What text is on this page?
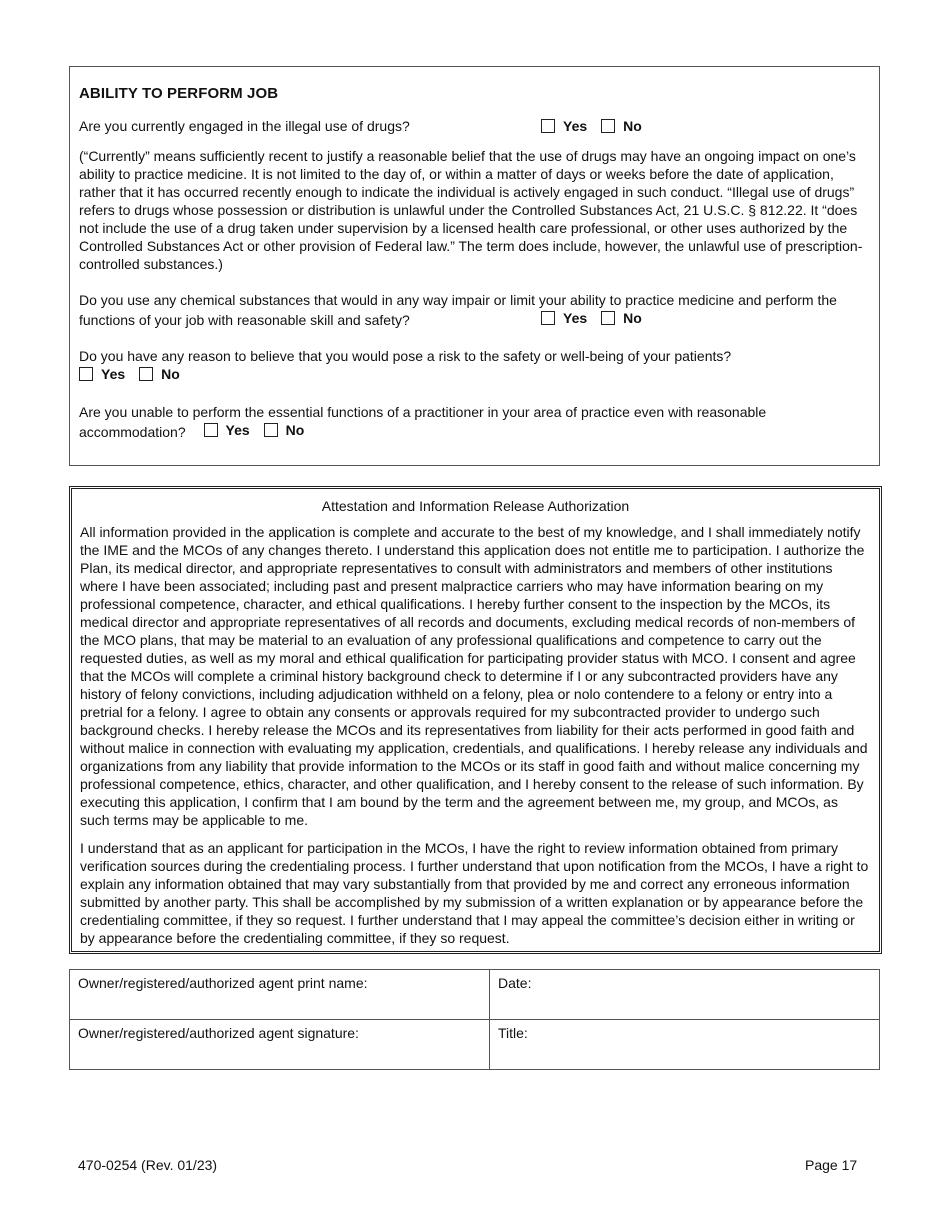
ABILITY TO PERFORM JOB
Are you currently engaged in the illegal use of drugs?	Yes	No

(“Currently” means sufficiently recent to justify a reasonable belief that the use of drugs may have an ongoing impact on one’s ability to practice medicine. It is not limited to the day of, or within a matter of days or weeks before the date of application, rather that it has occurred recently enough to indicate the individual is actively engaged in such conduct. “Illegal use of drugs” refers to drugs whose possession or distribution is unlawful under the Controlled Substances Act, 21 U.S.C. § 812.22. It “does not include the use of a drug taken under supervision by a licensed health care professional, or other uses authorized by the Controlled Substances Act or other provision of Federal law.” The term does include, however, the unlawful use of prescription-controlled substances.)

Do you use any chemical substances that would in any way impair or limit your ability to practice medicine and perform the
functions of your job with reasonable skill and safety?	Yes	No
Do you have any reason to believe that you would pose a risk to the safety or well-being of your patients?

Yes	No
Are you unable to perform the essential functions of a practitioner in your area of practice even with reasonable
accommodation?	Yes	No
Attestation and Information Release Authorization

All information provided in the application is complete and accurate to the best of my knowledge, and I shall immediately notify the IME and the MCOs of any changes thereto. I understand this application does not entitle me to participation. I authorize the Plan, its medical director, and appropriate representatives to consult with administrators and members of other institutions where I have been associated; including past and present malpractice carriers who may have information bearing on my professional competence, character, and ethical qualifications. I hereby further consent to the inspection by the MCOs, its medical director and appropriate representatives of all records and documents, excluding medical records of non-members of the MCO plans, that may be material to an evaluation of any professional qualifications and competence to carry out the requested duties, as well as my moral and ethical qualification for participating provider status with MCO. I consent and agree that the MCOs will complete a criminal history background check to determine if I or any subcontracted providers have any history of felony convictions, including adjudication withheld on a felony, plea or nolo contendere to a felony or entry into a pretrial for a felony. I agree to obtain any consents or approvals required for my subcontracted provider to undergo such background checks. I hereby release the MCOs and its representatives from liability for their acts performed in good faith and without malice in connection with evaluating my application, credentials, and qualifications. I hereby release any individuals and organizations from any liability that provide information to the MCOs or its staff in good faith and without malice concerning my professional competence, ethics, character, and other qualification, and I hereby consent to the release of such information. By executing this application, I confirm that I am bound by the term and the agreement between me, my group, and MCOs, as such terms may be applicable to me.

I understand that as an applicant for participation in the MCOs, I have the right to review information obtained from primary verification sources during the credentialing process. I further understand that upon notification from the MCOs, I have a right to explain any information obtained that may vary substantially from that provided by me and correct any erroneous information submitted by another party. This shall be accomplished by my submission of a written explanation or by appearance before the credentialing committee, if they so request. I further understand that I may appeal the committee’s decision either in writing or by appearance before the credentialing committee, if they so request.

Owner/registered/authorized agent print name:	Date:
Owner/registered/authorized agent signature:	Title:
470-0254 (Rev. 01/23)	Page 17
